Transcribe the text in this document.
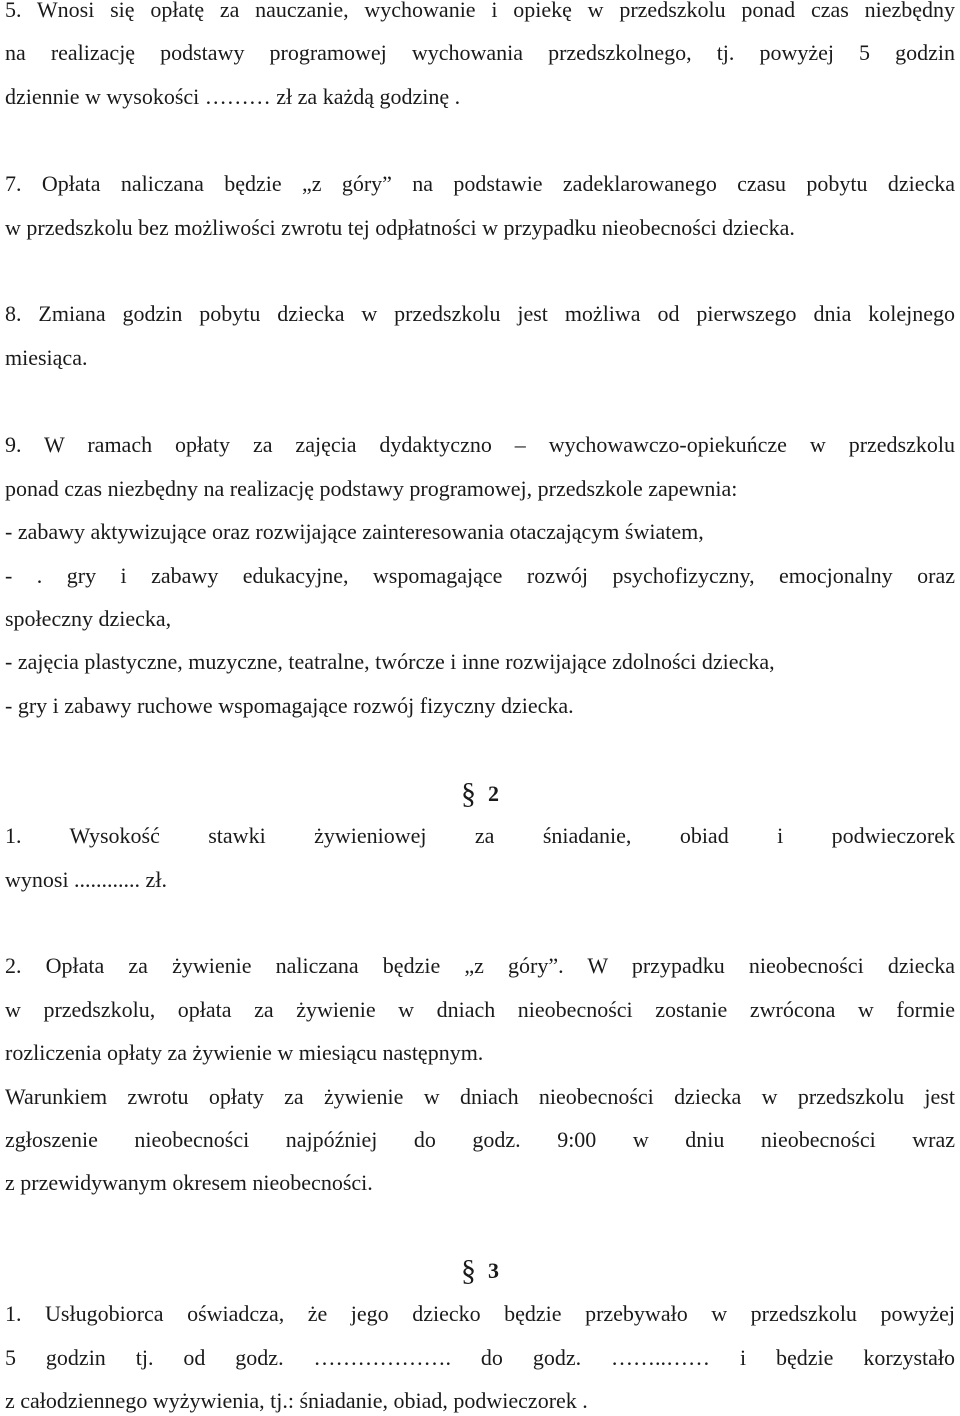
5. Wnosi się opłatę za nauczanie, wychowanie i opiekę w przedszkolu ponad czas niezbędny
na realizację podstawy programowej wychowania przedszkolnego, tj. powyżej 5 godzin
dziennie w wysokości ……… zł za każdą godzinę .
7. Opłata naliczana będzie „z góry” na podstawie zadeklarowanego czasu pobytu dziecka
w przedszkolu bez możliwości zwrotu tej odpłatności w przypadku nieobecności dziecka.
8. Zmiana godzin pobytu dziecka w przedszkolu jest możliwa od pierwszego dnia kolejnego
miesiąca.
9. W ramach opłaty za zajęcia dydaktyczno – wychowawczo-opiekuńcze w przedszkolu
ponad czas niezbędny na realizację podstawy programowej, przedszkole zapewnia:
- zabawy aktywizujące oraz rozwijające zainteresowania otaczającym światem,
- . gry i zabawy edukacyjne, wspomagające rozwój psychofizyczny, emocjonalny oraz
społeczny dziecka,
- zajęcia plastyczne, muzyczne, teatralne, twórcze i inne rozwijające zdolności dziecka,
- gry i zabawy ruchowe wspomagające rozwój fizyczny dziecka.
§ 2
1. Wysokość stawki żywieniowej za śniadanie, obiad i podwieczorek
wynosi ............ zł.
2. Opłata za żywienie naliczana będzie „z góry”. W przypadku nieobecności dziecka
w przedszkolu, opłata za żywienie w dniach nieobecności zostanie zwrócona w formie
rozliczenia opłaty za żywienie w miesiącu następnym.
Warunkiem zwrotu opłaty za żywienie w dniach nieobecności dziecka w przedszkolu jest
zgłoszenie nieobecności najpóźniej do godz. 9:00 w dniu nieobecności wraz
z przewidywanym okresem nieobecności.
§ 3
1. Usługobiorca oświadcza, że jego dziecko będzie przebywało w przedszkolu powyżej
5 godzin tj. od godz. ………………. do godz. ……..…… i będzie korzystało
z całodziennego wyżywienia, tj.: śniadanie, obiad, podwieczorek .
